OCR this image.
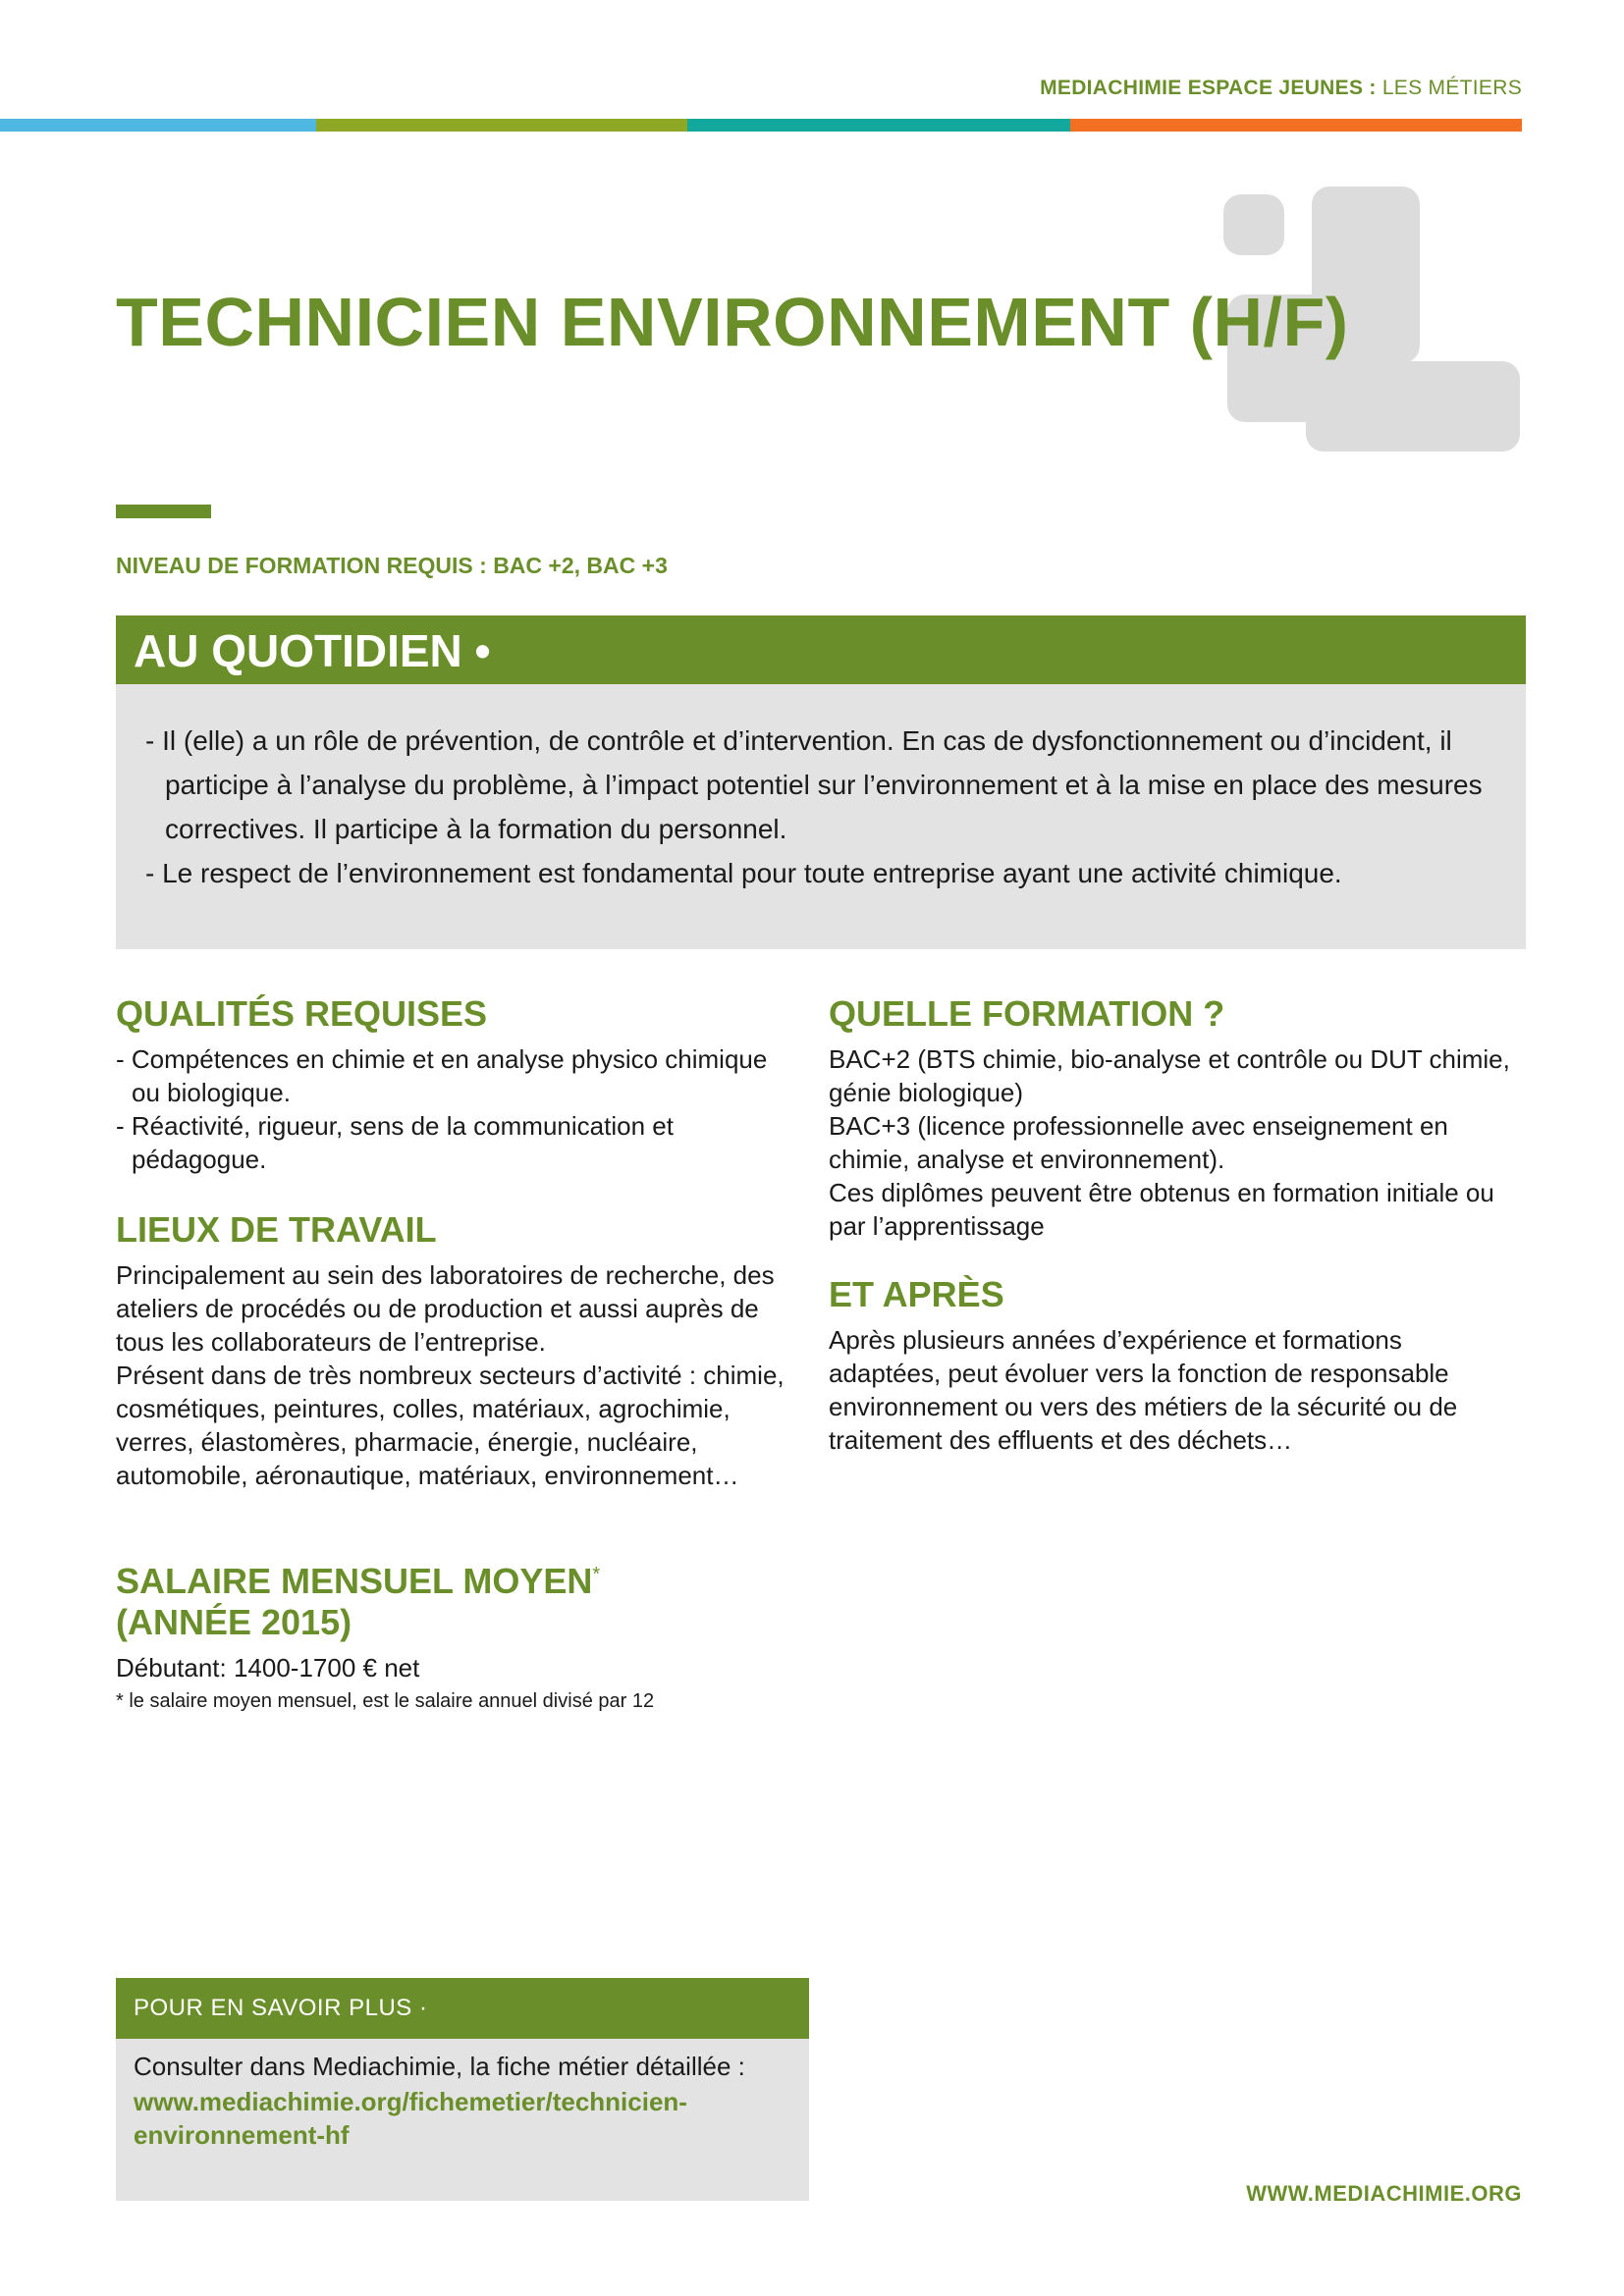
MEDIACHIMIE ESPACE JEUNES : LES MÉTIERS
TECHNICIEN ENVIRONNEMENT (H/F)
NIVEAU DE FORMATION REQUIS : BAC +2, BAC +3
AU QUOTIDIEN •
- Il (elle) a un rôle de prévention, de contrôle et d’intervention. En cas de dysfonctionnement ou d’incident, il participe à l’analyse du problème, à l’impact potentiel sur l’environnement et à la mise en place des mesures correctives. Il participe à la formation du personnel.
- Le respect de l’environnement est fondamental pour toute entreprise ayant une activité chimique.
QUALITÉS REQUISES
- Compétences en chimie et en analyse physico chimique ou biologique.
- Réactivité, rigueur, sens de la communication et pédagogue.
LIEUX DE TRAVAIL
Principalement au sein des laboratoires de recherche, des ateliers de procédés ou de production et aussi auprès de tous les collaborateurs de l’entreprise.
Présent dans de très nombreux secteurs d’activité : chimie, cosmétiques, peintures, colles, matériaux, agrochimie, verres, élastomères, pharmacie, énergie, nucléaire, automobile, aéronautique, matériaux, environnement…
SALAIRE MENSUEL MOYEN*
(ANNÉE 2015)
Débutant: 1400-1700 € net
* le salaire moyen mensuel, est le salaire annuel divisé par 12
QUELLE FORMATION ?
BAC+2 (BTS chimie, bio-analyse et contrôle ou DUT chimie, génie biologique)
BAC+3 (licence professionnelle avec enseignement en chimie, analyse et environnement).
Ces diplômes peuvent être obtenus en formation initiale ou par l’apprentissage
ET APRÈS
Après plusieurs années d’expérience et formations adaptées, peut évoluer vers la fonction de responsable environnement ou vers des métiers de la sécurité ou de traitement des effluents et des déchets…
POUR EN SAVOIR PLUS ·
Consulter dans Mediachimie, la fiche métier détaillée :
www.mediachimie.org/fichemetier/technicien-environnement-hf
WWW.MEDIACHIMIE.ORG
